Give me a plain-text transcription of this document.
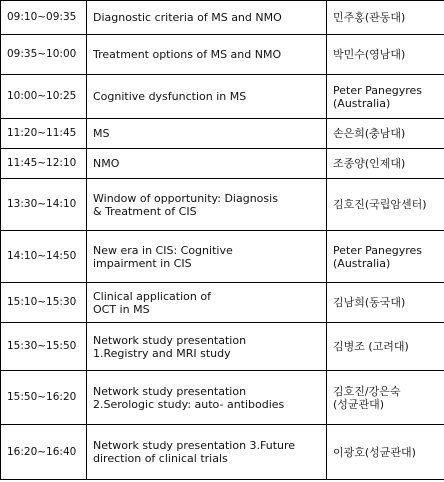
09:10~09:35	Diagnostic criteria of MS and NMO	민주홍(관동대)
09:35~10:00	Treatment options of MS and NMO	박민수(영남대)
10:00~10:25	Cognitive dysfunction in MS	Peter Panegyres
(Australia)
11:20~11:45	MS	손은희(충남대)
11:45~12:10	NMO	조종양(인제대)
13:30~14:10	Window of opportunity: Diagnosis
& Treatment of CIS	김호진(국립암센터)
14:10~14:50	New era in CIS: Cognitive
impairment in CIS	Peter Panegyres
(Australia)
15:10~15:30	Clinical application of
OCT in MS	김남희(동국대)
15:30~15:50	Network study presentation
1.Registry and MRI study	김병조 (고려대)
15:50~16:20	Network study presentation
2.Serologic study: auto- antibodies	김호진/강은숙
(성균관대)
16:20~16:40	Network study presentation 3.Future
direction of clinical trials	이광호(성균관대)
